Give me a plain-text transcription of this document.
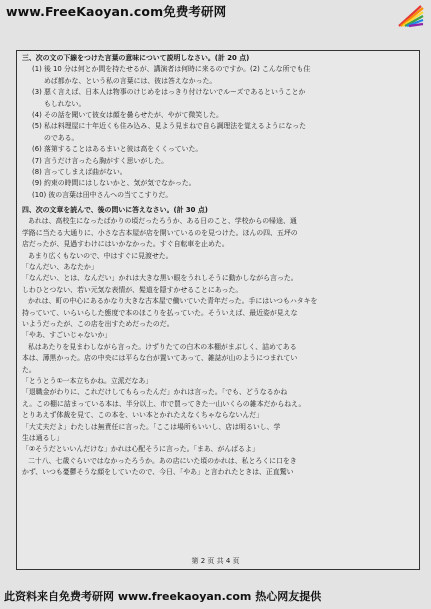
www.FreeKaoyan.com免费考研网
三、次の文の下線をつけた言葉の意味について説明しなさい。(計 20 点)
(1) 後 10 分は何とか間を持たせるが、講演者は何時に来るのですか。(2) こんな所でも住
めば都かな、という私の言葉には、彼は答えなかった。
(3) 悪く言えば、日本人は物事のけじめをはっきり付けないでルーズであるということか
もしれない。
(4) その話を聞いて彼女は顔を曇らせたが、やがて微笑した。
(5) 私は料理屋に十年近くも住み込み、見よう見まねで自ら調理法を覚えるようになった
のである。
(6) 落第することはあるまいと彼は高をくくっていた。
(7) 言うだけ言ったら胸がすく思いがした。
(8) 言ってしまえば曲がない。
(9) 約束の時間にはしないかと、気が気でなかった。
(10) 彼の言葉は田中さんへの当てこすりだ。
四、次の文章を読んで、後の問いに答えなさい。(計 30 点)
あれは、高校生になったばかりの頃だったろうか、ある日のこと、学校からの帰途、通
学路に当たる大通りに、小さな古本屋が店を開いているのを見つけた。ほんの四、五坪の
店だったが、見過すわけにはいかなかった。すぐ自転車を止めた。
あまり広くもないので、中はすぐに見渡せた。
「なんだい、あなたか」
「なんだい、とは、なんだい」かれは大きな黒い眼をうれしそうに動かしながら言った。
しわひとつない、若い元気な表情が、髪道を隠すかせることにあった。
かれは、町の中心にあるかなり大きな古本屋で働いていた青年だった。手にはいつもハタキを
持っていて、いらいらした態度で本のほこりを払っていた。そういえば、最近姿が見えな
いようだったが、この店を出すためだったのだ。
「やあ、すごいじゃないか」
私はあたりを見まわしながら言った。けずりたての白木の本棚がまぶしく、詰めてある
本は、薄黒かった。店の中央には平らな台が置いてあって、雑誌が山のようにつまれてい
た。
「とうとう①一本立ちかね。立派だなあ」
「退職金がわりに、これだけしてもらったんだ」かれは言った。「でも、どうなるかね
え。この棚に詰まっている本は、半分以上、市で買ってきた一山いくらの雑本だからねえ。
とりあえず体裁を見て、この本を、いい本とかれたえなくちゃならないんだ」
「大丈夫だよ」わたしは無責任に言った。「ここは場所もいいし、店は明るいし、学
生は通るし」
「②そうだといいんだけな」かれは心配そうに言った。「まあ、がんばるよ」
二十八、七歳ぐらいではなかったろうか。あの店にいた頃のかれは、私とろくに口をき
かず、いつも憂鬱そうな顔をしていたので、今日、「やあ」と言われたときは、正直驚い
第 2 页 共 4 页
此资料来自免费考研网 www.freekaoyan.com 热心网友提供
